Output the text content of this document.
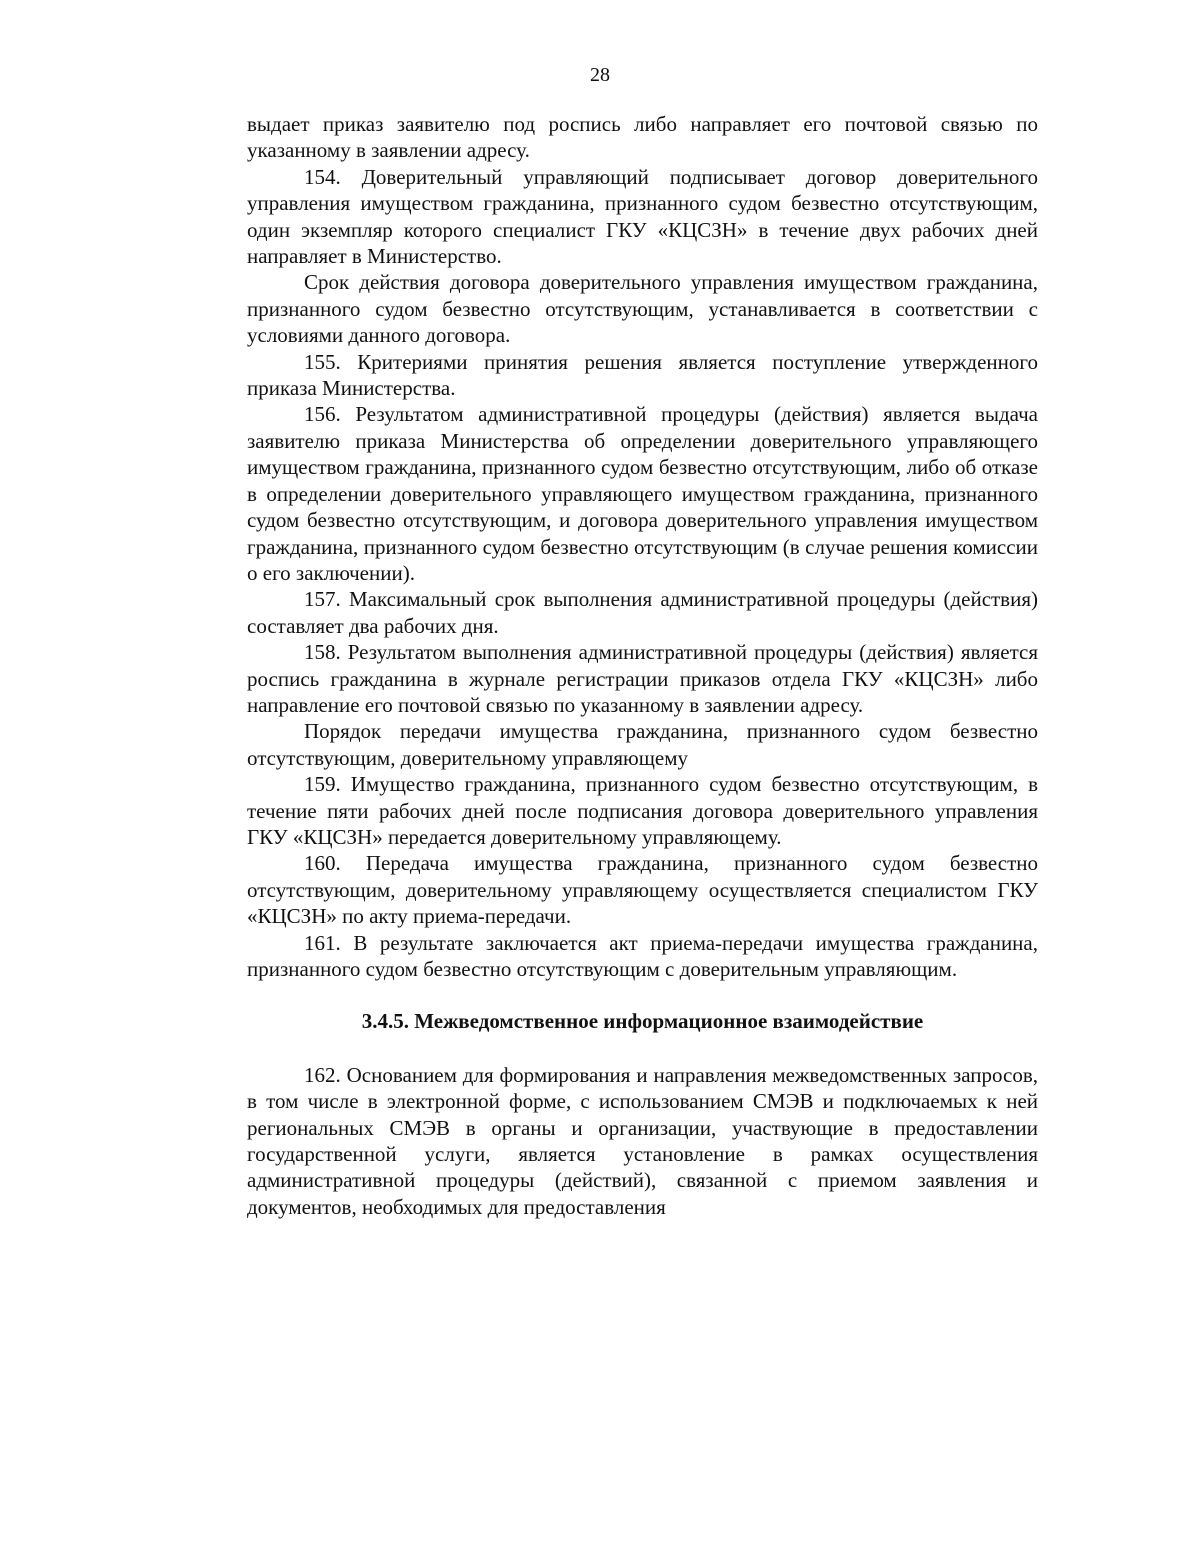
28

выдает приказ заявителю под роспись либо направляет его почтовой связью по указанному в заявлении адресу.

154. Доверительный управляющий подписывает договор доверительного управления имуществом гражданина, признанного судом безвестно отсутствующим, один экземпляр которого специалист ГКУ «КЦСЗН» в течение двух рабочих дней направляет в Министерство.

Срок действия договора доверительного управления имуществом гражданина, признанного судом безвестно отсутствующим, устанавливается в соответствии с условиями данного договора.

155. Критериями принятия решения является поступление утвержденного приказа Министерства.

156. Результатом административной процедуры (действия) является выдача заявителю приказа Министерства об определении доверительного управляющего имуществом гражданина, признанного судом безвестно отсутствующим, либо об отказе в определении доверительного управляющего имуществом гражданина, признанного судом безвестно отсутствующим, и договора доверительного управления имуществом гражданина, признанного судом безвестно отсутствующим (в случае решения комиссии о его заключении).

157. Максимальный срок выполнения административной процедуры (действия) составляет два рабочих дня.

158. Результатом выполнения административной процедуры (действия) является роспись гражданина в журнале регистрации приказов отдела ГКУ «КЦСЗН» либо направление его почтовой связью по указанному в заявлении адресу.

Порядок передачи имущества гражданина, признанного судом безвестно отсутствующим, доверительному управляющему

159. Имущество гражданина, признанного судом безвестно отсутствующим, в течение пяти рабочих дней после подписания договора доверительного управления ГКУ «КЦСЗН» передается доверительному управляющему.

160. Передача имущества гражданина, признанного судом безвестно отсутствующим, доверительному управляющему осуществляется специалистом ГКУ «КЦСЗН» по акту приема-передачи.

161. В результате заключается акт приема-передачи имущества гражданина, признанного судом безвестно отсутствующим с доверительным управляющим.

3.4.5. Межведомственное информационное взаимодействие

162. Основанием для формирования и направления межведомственных запросов, в том числе в электронной форме, с использованием СМЭВ и подключаемых к ней региональных СМЭВ в органы и организации, участвующие в предоставлении государственной услуги, является установление в рамках осуществления административной процедуры (действий), связанной с приемом заявления и документов, необходимых для предоставления
